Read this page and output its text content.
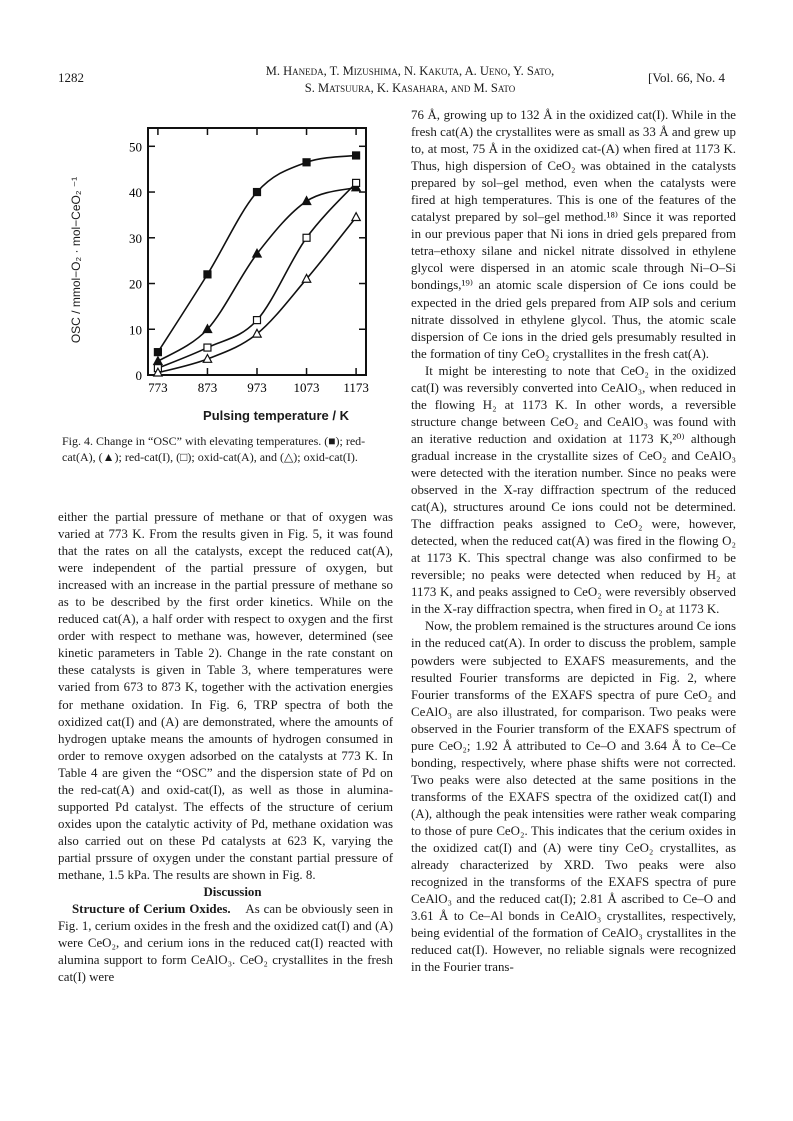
1282	M. Haneda, T. Mizushima, N. Kakuta, A. Ueno, Y. Sato,
S. Matsuura, K. Kasahara, and M. Sato
[Vol. 66, No. 4
0
10
20
30
40
50
773 873 973 1073 1173
OSC / mmol−O₂ · mol−CeO₂ ⁻¹
Pulsing temperature / K
Fig. 4. Change in “OSC” with elevating temperatures. (■); red-cat(A), (▲); red-cat(I), (□); oxid-cat(A), and (△); oxid-cat(I).

either the partial pressure of methane or that of oxygen was varied at 773 K. From the results given in Fig. 5, it was found that the rates on all the catalysts, except the reduced cat(A), were independent of the partial pressure of oxygen, but increased with an increase in the partial pressure of methane so as to be described by the first order kinetics. While on the reduced cat(A), a half order with respect to oxygen and the first order with respect to methane was, however, determined (see kinetic parameters in Table 2). Change in the rate constant on these catalysts is given in Table 3, where temperatures were varied from 673 to 873 K, together with the activation energies for methane oxidation. In Fig. 6, TRP spectra of both the oxidized cat(I) and (A) are demonstrated, where the amounts of hydrogen uptake means the amounts of hydrogen consumed in order to remove oxygen adsorbed on the catalysts at 773 K. In Table 4 are given the “OSC” and the dispersion state of Pd on the red-cat(A) and oxid-cat(I), as well as those in alumina-supported Pd catalyst. The effects of the structure of cerium oxides upon the catalytic activity of Pd, methane oxidation was also carried out on these Pd catalysts at 623 K, varying the partial prssure of oxygen under the constant partial pressure of methane, 1.5 kPa. The results are shown in Fig. 8.

Discussion

Structure of Cerium Oxides. As can be obviously seen in Fig. 1, cerium oxides in the fresh and the oxidized cat(I) and (A) were CeO₂, and cerium ions in the reduced cat(I) reacted with alumina support to form CeAlO₃. CeO₂ crystallites in the fresh cat(I) were

76 Å, growing up to 132 Å in the oxidized cat(I). While in the fresh cat(A) the crystallites were as small as 33 Å and grew up to, at most, 75 Å in the oxidized cat-(A) when fired at 1173 K. Thus, high dispersion of CeO₂ was obtained in the catalysts prepared by sol–gel method, even when the catalysts were fired at high temperatures. This is one of the features of the catalyst prepared by sol–gel method.¹⁸⁾ Since it was reported in our previous paper that Ni ions in dried gels prepared from tetra–ethoxy silane and nickel nitrate dissolved in ethylene glycol were dispersed in an atomic scale through Ni–O–Si bondings,¹⁹⁾ an atomic scale dispersion of Ce ions could be expected in the dried gels prepared from AIP sols and cerium nitrate dissolved in ethylene glycol. Thus, the atomic scale dispersion of Ce ions in the dried gels presumably resulted in the formation of tiny CeO₂ crystallites in the fresh cat(A).

It might be interesting to note that CeO₂ in the oxidized cat(I) was reversibly converted into CeAlO₃, when reduced in the flowing H₂ at 1173 K. In other words, a reversible structure change between CeO₂ and CeAlO₃ was found with an iterative reduction and oxidation at 1173 K,²⁰⁾ although gradual increase in the crystallite sizes of CeO₂ and CeAlO₃ were detected with the iteration number. Since no peaks were observed in the X-ray diffraction spectrum of the reduced cat(A), structures around Ce ions could not be determined. The diffraction peaks assigned to CeO₂ were, however, detected, when the reduced cat(A) was fired in the flowing O₂ at 1173 K. This spectral change was also confirmed to be reversible; no peaks were detected when reduced by H₂ at 1173 K, and peaks assigned to CeO₂ were reversibly observed in the X-ray diffraction spectra, when fired in O₂ at 1173 K.

Now, the problem remained is the structures around Ce ions in the reduced cat(A). In order to discuss the problem, sample powders were subjected to EXAFS measurements, and the resulted Fourier transforms are depicted in Fig. 2, where Fourier transforms of the EXAFS spectra of pure CeO₂ and CeAlO₃ are also illustrated, for comparison. Two peaks were observed in the Fourier transform of the EXAFS spectrum of pure CeO₂; 1.92 Å attributed to Ce–O and 3.64 Å to Ce–Ce bonding, respectively, where phase shifts were not corrected. Two peaks were also detected at the same positions in the transforms of the EXAFS spectra of the oxidized cat(I) and (A), although the peak intensities were rather weak comparing to those of pure CeO₂. This indicates that the cerium oxides in the oxidized cat(I) and (A) were tiny CeO₂ crystallites, as already characterized by XRD. Two peaks were also recognized in the transforms of the EXAFS spectra of pure CeAlO₃ and the reduced cat(I); 2.81 Å ascribed to Ce–O and 3.61 Å to Ce–Al bonds in CeAlO₃ crystallites, respectively, being evidential of the formation of CeAlO₃ crystallites in the reduced cat(I). However, no reliable signals were recognized in the Fourier trans-
